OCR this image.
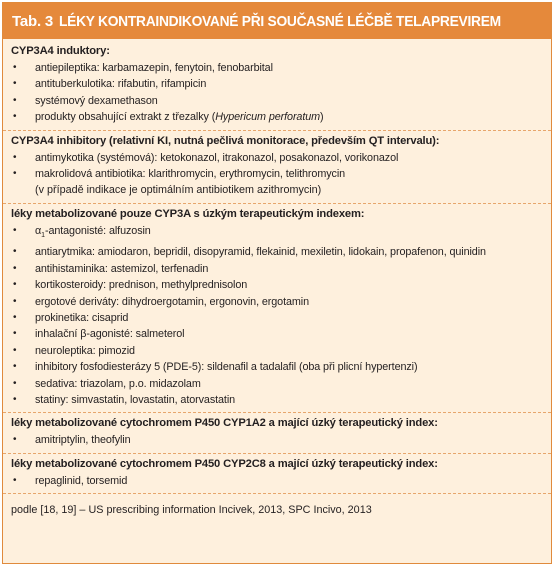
Tab. 3 LÉKY KONTRAINDIKOVANÉ PŘI SOUČASNÉ LÉČBĚ TELAPREVIREM
CYP3A4 induktory:
• antiepileptika: karbamazepin, fenytoin, fenobarbital
• antituberkulotika: rifabutin, rifampicin
• systémový dexamethason
• produkty obsahující extrakt z třezalky (Hypericum perforatum)
CYP3A4 inhibitory (relativní KI, nutná pečlivá monitorace, především QT intervalu):
• antimykotika (systémová): ketokonazol, itrakonazol, posakonazol, vorikonazol
• makrolidová antibiotika: klarithromycin, erythromycin, telithromycin
(v případě indikace je optimálním antibiotikem azithromycin)
léky metabolizované pouze CYP3A s úzkým terapeutickým indexem:
• $\alpha_1$-antagonisté: alfuzosin
• antiarytmika: amiodaron, bepridil, disopyramid, flekainid, mexiletin, lidokain, propafenon, quinidin
• antihistaminika: astemizol, terfenadin
• kortikosteroidy: prednison, methylprednisolon
• ergotové deriváty: dihydroergotamin, ergonovin, ergotamin
• prokinetika: cisaprid
• inhalační β-agonisté: salmeterol
• neuroleptika: pimozid
• inhibitory fosfodiesterázy 5 (PDE-5): sildenafil a tadalafil (oba při plicní hypertenzi)
• sedativa: triazolam, p.o. midazolam
• statiny: simvastatin, lovastatin, atorvastatin
léky metabolizované cytochromem P450 CYP1A2 a mající úzký terapeutický index:
• amitriptylin, theofylin
léky metabolizované cytochromem P450 CYP2C8 a mající úzký terapeutický index:
• repaglinid, torsemid
podle [18, 19] – US prescribing information Incivek, 2013, SPC Incivo, 2013
